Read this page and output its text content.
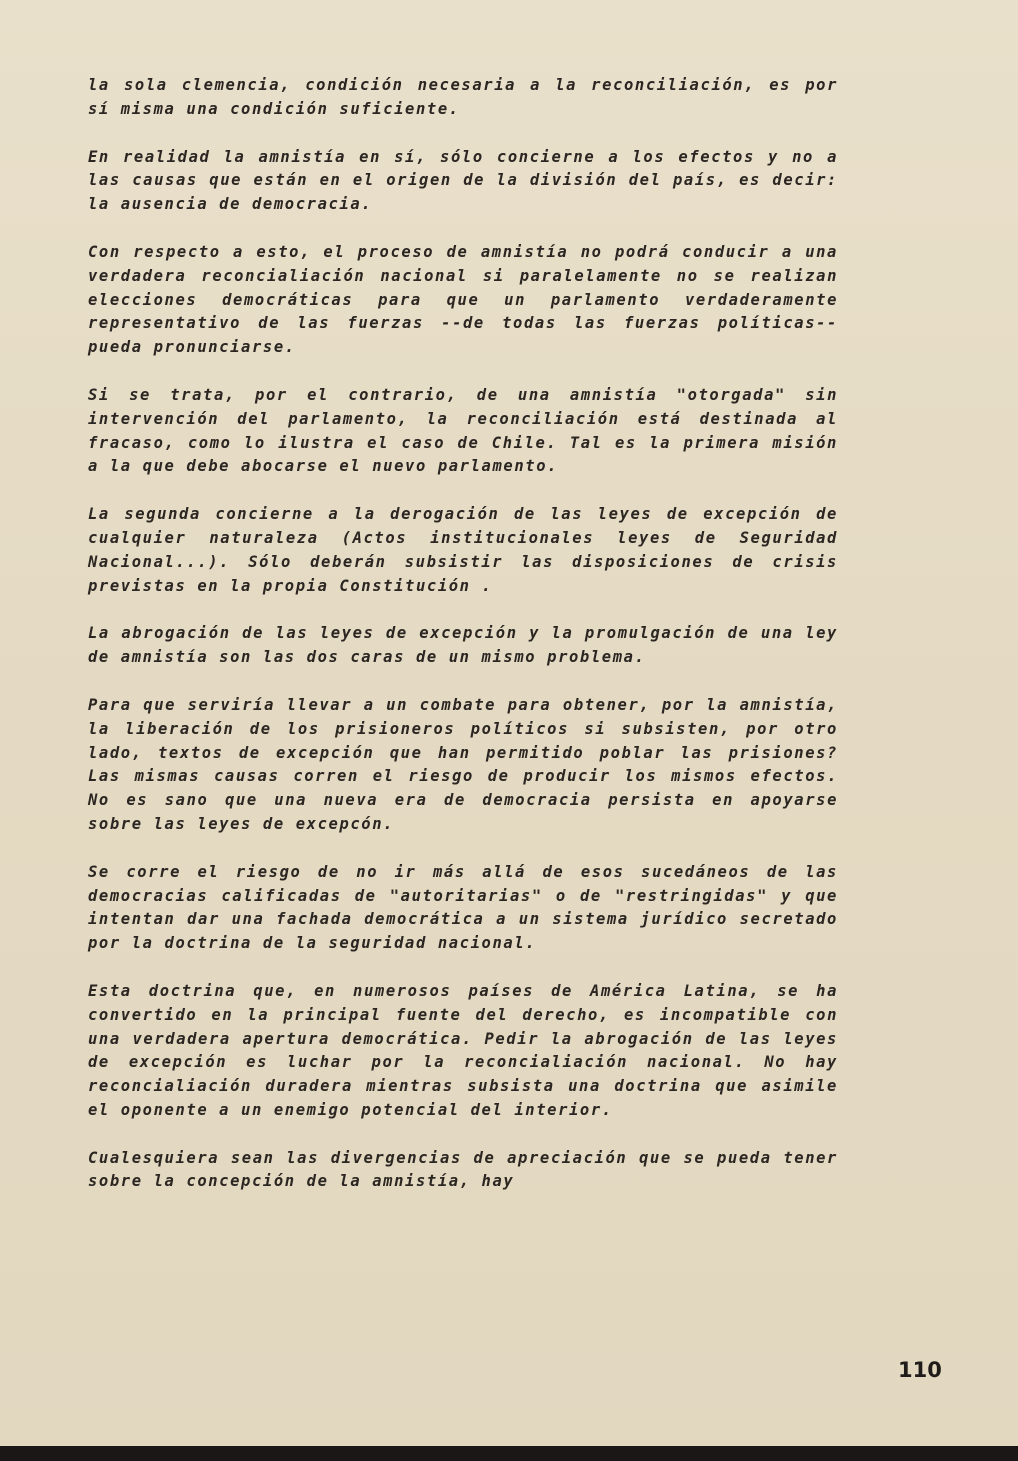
la sola clemencia, condición necesaria a la reconciliación, es por sí misma una condición suficiente.

En realidad la amnistía en sí, sólo concierne a los efectos y no a las causas que están en el origen de la división del país, es decir: la ausencia de democracia.

Con respecto a esto, el proceso de amnistía no podrá conducir a una verdadera reconcialiación nacional si paralelamente no se realizan elecciones democráticas para que un parlamento verdaderamente representativo de las fuerzas --de todas las fuerzas políticas-- pueda pronunciarse.

Si se trata, por el contrario, de una amnistía "otorgada" sin intervención del parlamento, la reconciliación está destinada al fracaso, como lo ilustra el caso de Chile. Tal es la primera misión a la que debe abocarse el nuevo parlamento.

La segunda concierne a la derogación de las leyes de excepción de cualquier naturaleza (Actos institucionales leyes de Seguridad Nacional...). Sólo deberán subsistir las disposiciones de crisis previstas en la propia Constitución .

La abrogación de las leyes de excepción y la promulgación de una ley de amnistía son las dos caras de un mismo problema.

Para que serviría llevar a un combate para obtener, por la amnistía, la liberación de los prisioneros políticos si subsisten, por otro lado, textos de excepción que han permitido poblar las prisiones? Las mismas causas corren el riesgo de producir los mismos efectos. No es sano que una nueva era de democracia persista en apoyarse sobre las leyes de excepcón.

Se corre el riesgo de no ir más allá de esos sucedáneos de las democracias calificadas de "autoritarias" o de "restringidas" y que intentan dar una fachada democrática a un sistema jurídico secretado por la doctrina de la seguridad nacional.

Esta doctrina que, en numerosos países de América Latina, se ha convertido en la principal fuente del derecho, es incompatible con una verdadera apertura democrática. Pedir la abrogación de las leyes de excepción es luchar por la reconcialiación nacional. No hay reconcialiación duradera mientras subsista una doctrina que asimile el oponente a un enemigo potencial del interior.

Cualesquiera sean las divergencias de apreciación que se pueda tener sobre la concepción de la amnistía, hay

110
